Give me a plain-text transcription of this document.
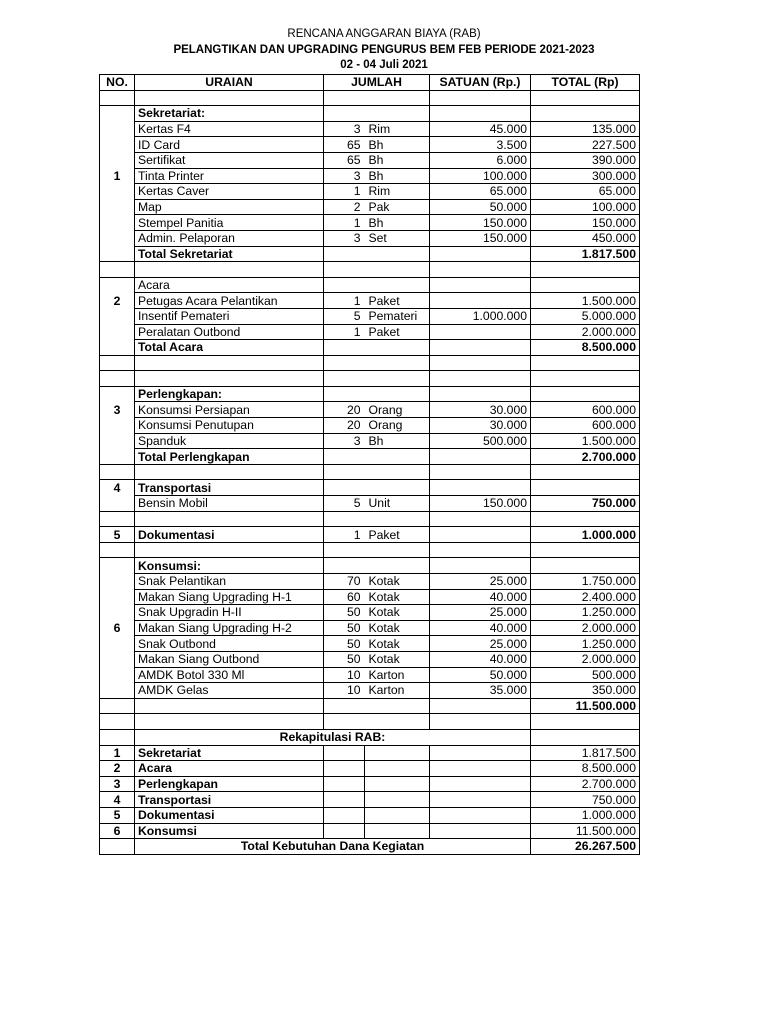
RENCANA ANGGARAN BIAYA (RAB)
PELANGTIKAN DAN UPGRADING PENGURUS BEM FEB PERIODE 2021-2023
02 - 04 Juli 2021
NO.	URAIAN	JUMLAH		SATUAN (Rp.)	TOTAL (Rp)

	Sekretariat:				
	Kertas F4	3	Rim	45.000	135.000
	ID Card	65	Bh	3.500	227.500
	Sertifikat	65	Bh	6.000	390.000
1	Tinta Printer	3	Bh	100.000	300.000
	Kertas Caver	1	Rim	65.000	65.000
	Map	2	Pak	50.000	100.000
	Stempel Panitia	1	Bh	150.000	150.000
	Admin. Pelaporan	3	Set	150.000	450.000
	Total Sekretariat				1.817.500

	Acara				
2	Petugas Acara Pelantikan	1	Paket		1.500.000
	Insentif Pemateri	5	Pemateri	1.000.000	5.000.000
	Peralatan Outbond	1	Paket		2.000.000
	Total Acara				8.500.000

	Perlengkapan:				
3	Konsumsi Persiapan	20	Orang	30.000	600.000
	Konsumsi Penutupan	20	Orang	30.000	600.000
	Spanduk	3	Bh	500.000	1.500.000
	Total Perlengkapan				2.700.000

4	Transportasi				
	Bensin Mobil	5	Unit	150.000	750.000

5	Dokumentasi	1	Paket		1.000.000

	Konsumsi:				
	Snak Pelantikan	70	Kotak	25.000	1.750.000
	Makan Siang Upgrading H-1	60	Kotak	40.000	2.400.000
	Snak Upgradin H-II	50	Kotak	25.000	1.250.000
6	Makan Siang Upgrading H-2	50	Kotak	40.000	2.000.000
	Snak Outbond	50	Kotak	25.000	1.250.000
	Makan Siang Outbond	50	Kotak	40.000	2.000.000
	AMDK Botol 330 Ml	10	Karton	50.000	500.000
	AMDK Gelas	10	Karton	35.000	350.000
					11.500.000

	Rekapitulasi RAB:				
1	Sekretariat				1.817.500
2	Acara				8.500.000
3	Perlengkapan				2.700.000
4	Transportasi				750.000
5	Dokumentasi				1.000.000
6	Konsumsi				11.500.000
	Total Kebutuhan Dana Kegiatan				26.267.500
